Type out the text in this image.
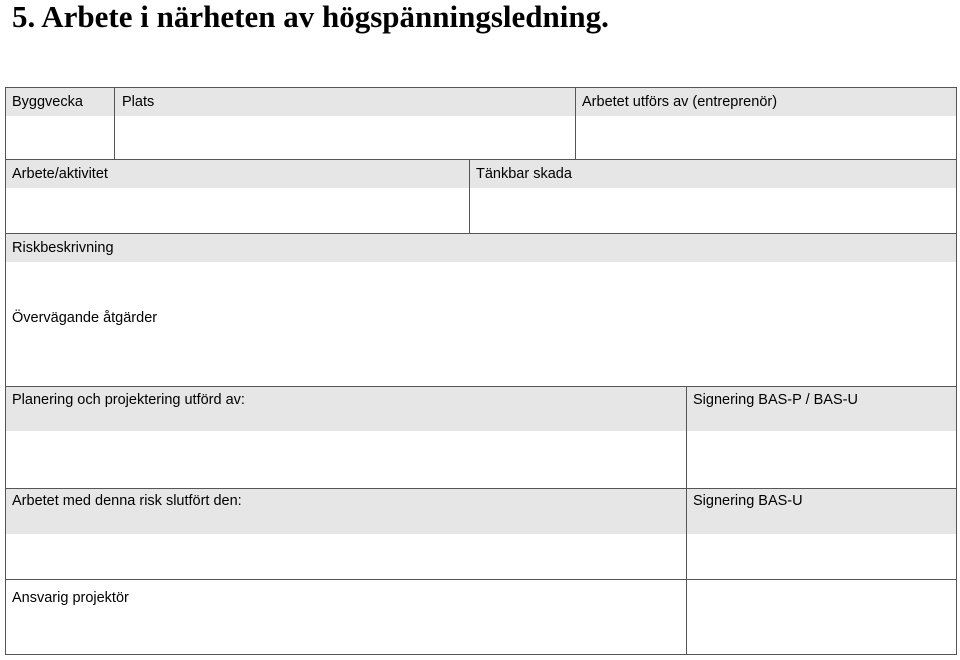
5. Arbete i närheten av högspänningsledning.
Byggvecka	Plats	Arbetet utförs av (entreprenör)
Arbete/aktivitet	Tänkbar skada
Riskbeskrivning
Övervägande åtgärder
Planering och projektering utförd av:	Signering BAS-P / BAS-U
Arbetet med denna risk slutfört den:	Signering BAS-U
Ansvarig projektör
